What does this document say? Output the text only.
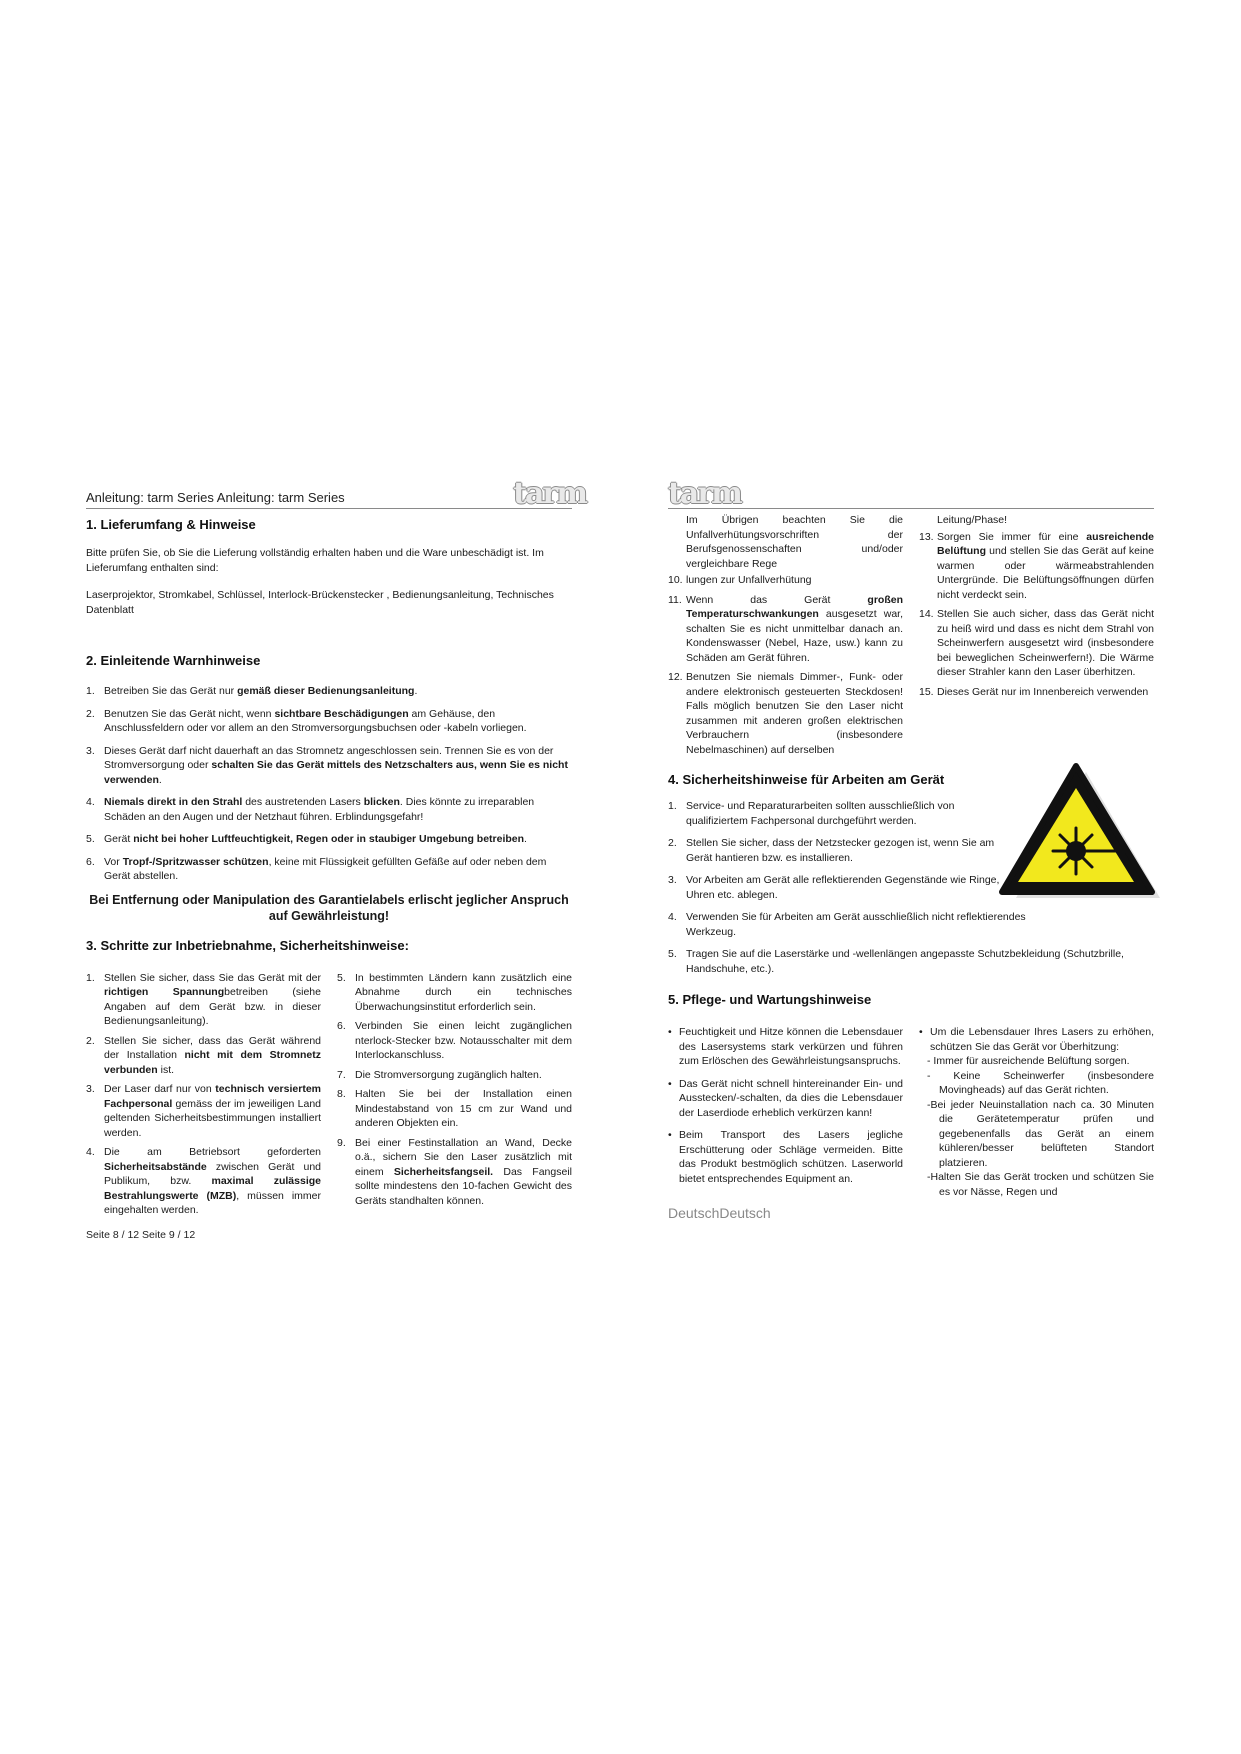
Anleitung: tarm Series Anleitung: tarm Series	tarm
1. Lieferumfang & Hinweise

Bitte prüfen Sie, ob Sie die Lieferung vollständig erhalten haben und die Ware unbeschädigt ist. Im Lieferumfang enthalten sind:

Laserprojektor, Stromkabel, Schlüssel, Interlock-Brückenstecker , Bedienungsanleitung, Technisches Datenblatt

2. Einleitende Warnhinweise
1. Betreiben Sie das Gerät nur gemäß dieser Bedienungsanleitung.
2. Benutzen Sie das Gerät nicht, wenn sichtbare Beschädigungen am Gehäuse, den Anschlussfeldern oder vor allem an den Stromversorgungsbuchsen oder -kabeln vorliegen.
3. Dieses Gerät darf nicht dauerhaft an das Stromnetz angeschlossen sein. Trennen Sie es von der Stromversorgung oder schalten Sie das Gerät mittels des Netzschalters aus, wenn Sie es nicht verwenden.
4. Niemals direkt in den Strahl des austretenden Lasers blicken. Dies könnte zu irreparablen Schäden an den Augen und der Netzhaut führen. Erblindungsgefahr!
5. Gerät nicht bei hoher Luftfeuchtigkeit, Regen oder in staubiger Umgebung betreiben.
6. Vor Tropf-/Spritzwasser schützen, keine mit Flüssigkeit gefüllten Gefäße auf oder neben dem Gerät abstellen.

Bei Entfernung oder Manipulation des Garantielabels erlischt jeglicher Anspruch auf Gewährleistung!

3. Schritte zur Inbetriebnahme, Sicherheitshinweise:
1. Stellen Sie sicher, dass Sie das Gerät mit der richtigen Spannungbetreiben (siehe Angaben auf dem Gerät bzw. in dieser Bedienungsanleitung).
2. Stellen Sie sicher, dass das Gerät während der Installation nicht mit dem Stromnetz verbunden ist.
3. Der Laser darf nur von technisch versiertem Fachpersonal gemäss der im jeweiligen Land geltenden Sicherheitsbestimmungen installiert werden.
4. Die am Betriebsort geforderten Sicherheitsabstände zwischen Gerät und Publikum, bzw. maximal zulässige Bestrahlungswerte (MZB), müssen immer eingehalten werden.
5. In bestimmten Ländern kann zusätzlich eine Abnahme durch ein technisches Überwachungsinstitut erforderlich sein.
6. Verbinden Sie einen leicht zugänglichen nterlock-Stecker bzw. Notausschalter mit dem Interlockanschluss.
7. Die Stromversorgung zugänglich halten.
8. Halten Sie bei der Installation einen Mindestabstand von 15 cm zur Wand und anderen Objekten ein.
9. Bei einer Festinstallation an Wand, Decke o.ä., sichern Sie den Laser zusätzlich mit einem Sicherheitsfangseil. Das Fangseil sollte mindestens den 10-fachen Gewicht des Geräts standhalten können.
Seite 8 / 12 Seite 9 / 12
tarm
Im Übrigen beachten Sie die Unfallverhütungsvorschriften der Berufsgenossenschaften und/oder vergleichbare Rege
10. lungen zur Unfallverhütung
11. Wenn das Gerät großen Temperaturschwankungen ausgesetzt war, schalten Sie es nicht unmittelbar danach an. Kondenswasser (Nebel, Haze, usw.) kann zu Schäden am Gerät führen.
12. Benutzen Sie niemals Dimmer-, Funk- oder andere elektronisch gesteuerten Steckdosen! Falls möglich benutzen Sie den Laser nicht zusammen mit anderen großen elektrischen Verbrauchern (insbesondere Nebelmaschinen) auf derselben
Leitung/Phase!
13. Sorgen Sie immer für eine ausreichende Belüftung und stellen Sie das Gerät auf keine warmen oder wärmeabstrahlenden Untergründe. Die Belüftungsöffnungen dürfen nicht verdeckt sein.
14. Stellen Sie auch sicher, dass das Gerät nicht zu heiß wird und dass es nicht dem Strahl von Scheinwerfern ausgesetzt wird (insbesondere bei beweglichen Scheinwerfern!). Die Wärme dieser Strahler kann den Laser überhitzen.
15. Dieses Gerät nur im Innenbereich verwenden
4. Sicherheitshinweise für Arbeiten am Gerät
1. Service- und Reparaturarbeiten sollten ausschließlich von qualifiziertem Fachpersonal durchgeführt werden.
2. Stellen Sie sicher, dass der Netzstecker gezogen ist, wenn Sie am Gerät hantieren bzw. es installieren.
3. Vor Arbeiten am Gerät alle reflektierenden Gegenstände wie Ringe, Uhren etc. ablegen.
4. Verwenden Sie für Arbeiten am Gerät ausschließlich nicht reflektierendes Werkzeug.
5. Tragen Sie auf die Laserstärke und -wellenlängen angepasste Schutzbekleidung (Schutzbrille, Handschuhe, etc.).
5. Pflege- und Wartungshinweise
• Feuchtigkeit und Hitze können die Lebensdauer des Lasersystems stark verkürzen und führen zum Erlöschen des Gewährleistungsanspruchs.
• Das Gerät nicht schnell hintereinander Ein- und Ausstecken/-schalten, da dies die Lebensdauer der Laserdiode erheblich verkürzen kann!
• Beim Transport des Lasers jegliche Erschütterung oder Schläge vermeiden. Bitte das Produkt bestmöglich schützen. Laserworld bietet entsprechendes Equipment an.
• Um die Lebensdauer Ihres Lasers zu erhöhen, schützen Sie das Gerät vor Überhitzung:
- Immer für ausreichende Belüftung sorgen.
- Keine Scheinwerfer (insbesondere Movingheads) auf das Gerät richten.
-Bei jeder Neuinstallation nach ca. 30 Minuten die Gerätetemperatur prüfen und gegebenenfalls das Gerät an einem kühleren/besser belüfteten Standort platzieren.
-Halten Sie das Gerät trocken und schützen Sie es vor Nässe, Regen und
DeutschDeutsch
